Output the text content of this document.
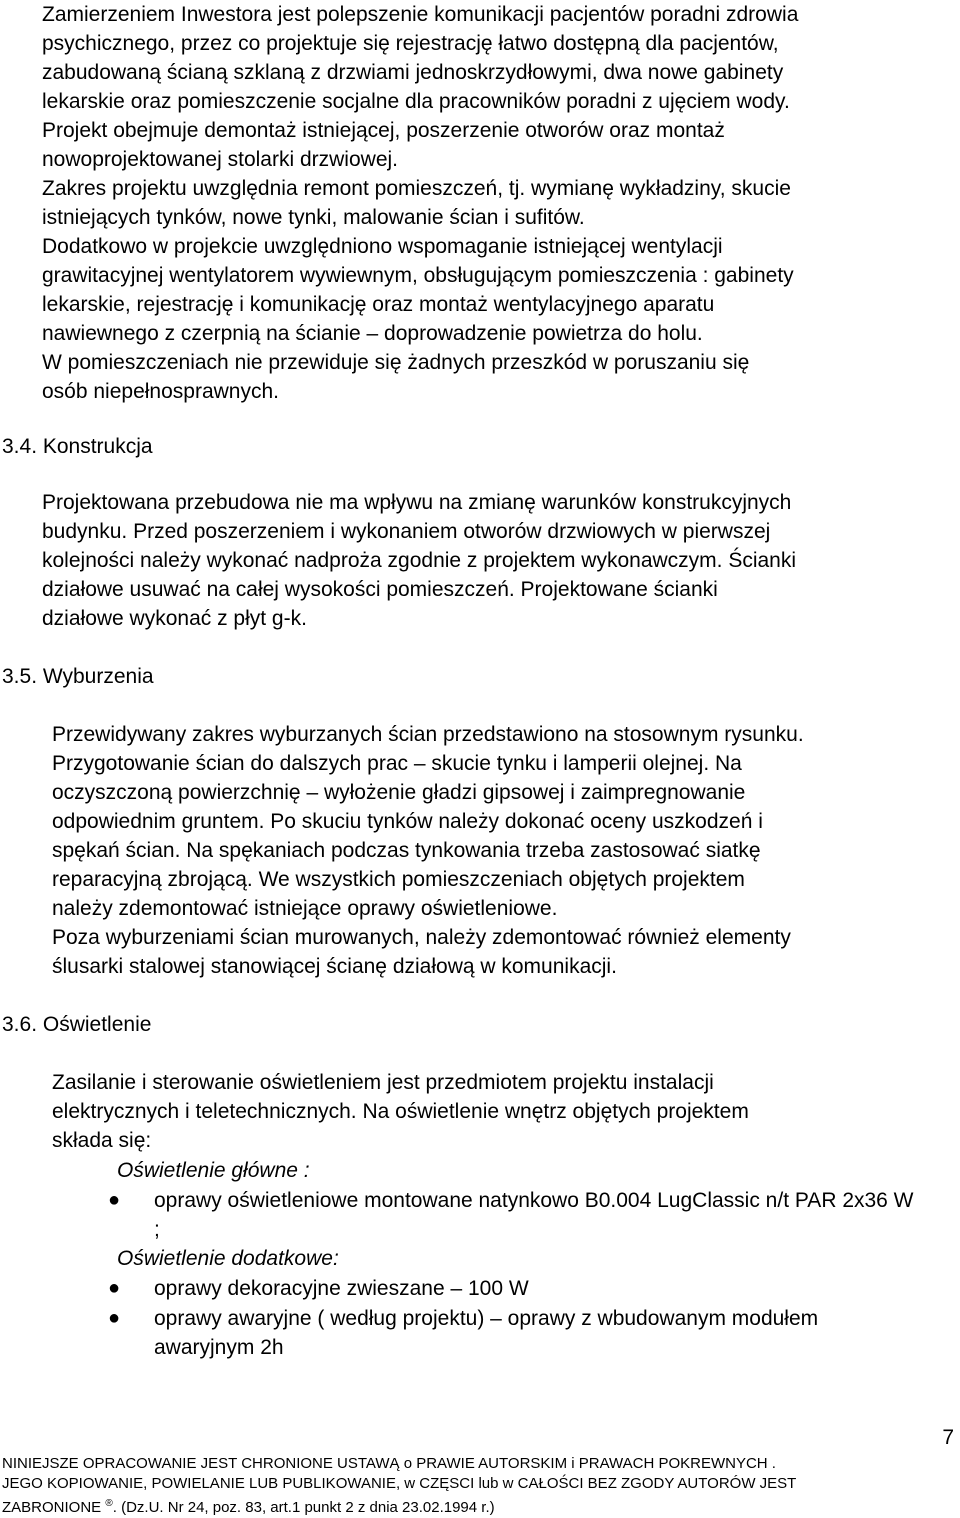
Zamierzeniem Inwestora jest polepszenie komunikacji pacjentów poradni zdrowia
psychicznego, przez co projektuje się rejestrację łatwo dostępną dla pacjentów,
zabudowaną ścianą szklaną z drzwiami jednoskrzydłowymi, dwa nowe gabinety
lekarskie oraz pomieszczenie socjalne dla pracowników poradni z ujęciem wody.
Projekt obejmuje demontaż istniejącej, poszerzenie otworów oraz montaż
nowoprojektowanej stolarki drzwiowej.
Zakres projektu uwzględnia remont pomieszczeń, tj. wymianę wykładziny, skucie
istniejących tynków, nowe tynki, malowanie ścian i sufitów.
Dodatkowo w projekcie uwzględniono wspomaganie istniejącej wentylacji
grawitacyjnej wentylatorem wywiewnym, obsługującym pomieszczenia : gabinety
lekarskie, rejestrację i komunikację oraz montaż wentylacyjnego aparatu
nawiewnego z czerpnią na ścianie – doprowadzenie powietrza do holu.
W pomieszczeniach nie przewiduje się żadnych przeszkód w poruszaniu się
osób niepełnosprawnych.
3.4. Konstrukcja
Projektowana przebudowa nie ma wpływu na zmianę warunków konstrukcyjnych
budynku. Przed poszerzeniem i wykonaniem otworów drzwiowych w pierwszej
kolejności należy wykonać nadproża zgodnie z projektem wykonawczym. Ścianki
działowe usuwać na całej wysokości pomieszczeń. Projektowane ścianki
działowe wykonać z płyt g-k.
3.5. Wyburzenia
Przewidywany zakres wyburzanych ścian przedstawiono na stosownym rysunku.
Przygotowanie ścian do dalszych prac – skucie tynku i lamperii olejnej. Na
oczyszczoną powierzchnię – wyłożenie gładzi gipsowej i zaimpregnowanie
odpowiednim gruntem. Po skuciu tynków należy dokonać oceny uszkodzeń i
spękań ścian. Na spękaniach podczas tynkowania trzeba zastosować siatkę
reparacyjną zbrojącą. We wszystkich pomieszczeniach objętych projektem
należy zdemontować istniejące oprawy oświetleniowe.
Poza wyburzeniami ścian murowanych, należy zdemontować również elementy
ślusarki stalowej stanowiącej ścianę działową w komunikacji.
3.6. Oświetlenie
Zasilanie i sterowanie oświetleniem jest przedmiotem projektu instalacji
elektrycznych i teletechnicznych. Na oświetlenie wnętrz objętych projektem
składa się:
Oświetlenie główne :
●	oprawy oświetleniowe montowane natynkowo B0.004 LugClassic n/t PAR 2x36 W ;
Oświetlenie dodatkowe:
●	oprawy dekoracyjne zwieszane – 100 W
●	oprawy awaryjne ( według projektu) – oprawy z wbudowanym modułem awaryjnym 2h
7
NINIEJSZE OPRACOWANIE JEST CHRONIONE USTAWĄ o PRAWIE AUTORSKIM i PRAWACH POKREWNYCH .
JEGO KOPIOWANIE, POWIELANIE LUB PUBLIKOWANIE, w CZĘSCI lub w CAŁOŚCI BEZ ZGODY AUTORÓW JEST
ZABRONIONE ®. (Dz.U. Nr 24, poz. 83, art.1 punkt 2 z dnia 23.02.1994 r.)
